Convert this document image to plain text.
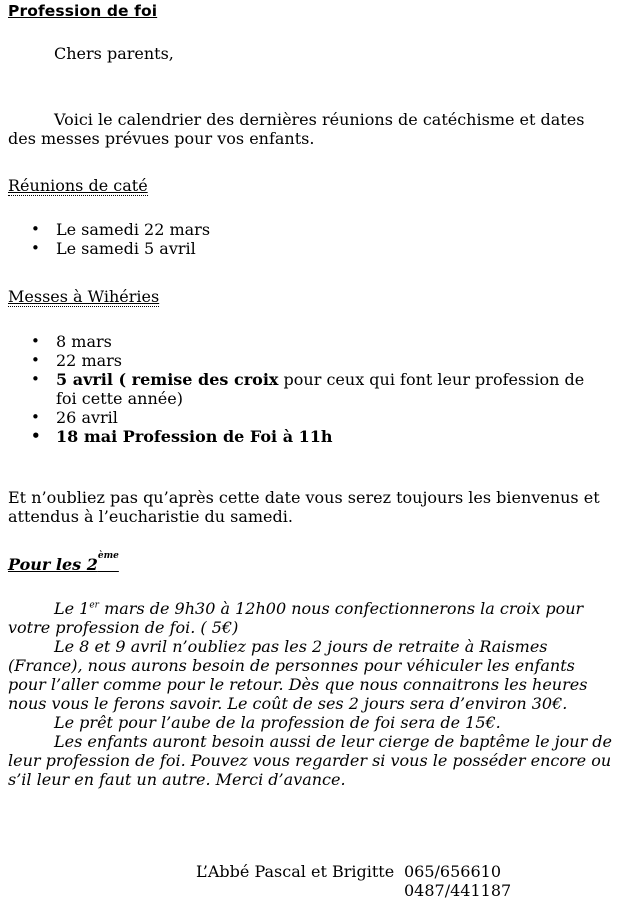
Profession de foi
Chers parents,
Voici le calendrier des dernières réunions de catéchisme et dates des messes prévues pour vos enfants.
Réunions de caté
• Le samedi 22 mars
• Le samedi 5 avril
Messes à Wihéries
• 8 mars
• 22 mars
• 5 avril ( remise des croix pour ceux qui font leur profession de foi cette année)
• 26 avril
• 18 mai Profession de Foi à 11h
Et n’oubliez pas qu’après cette date vous serez toujours les bienvenus et attendus à l’eucharistie du samedi.
Pour les 2ème
Le 1er mars de 9h30 à 12h00 nous confectionnerons la croix pour votre profession de foi. ( 5€)
Le 8 et 9 avril n’oubliez pas les 2 jours de retraite à Raismes (France), nous aurons besoin de personnes pour véhiculer les enfants pour l’aller comme pour le retour. Dès que nous connaitrons les heures nous vous le ferons savoir. Le coût de ses 2 jours sera d’environ 30€.
Le prêt pour l’aube de la profession de foi sera de 15€.
Les enfants auront besoin aussi de leur cierge de baptême le jour de leur profession de foi. Pouvez vous regarder si vous le posséder encore ou s’il leur en faut un autre. Merci d’avance.
L’Abbé Pascal et Brigitte 065/656610
0487/441187
